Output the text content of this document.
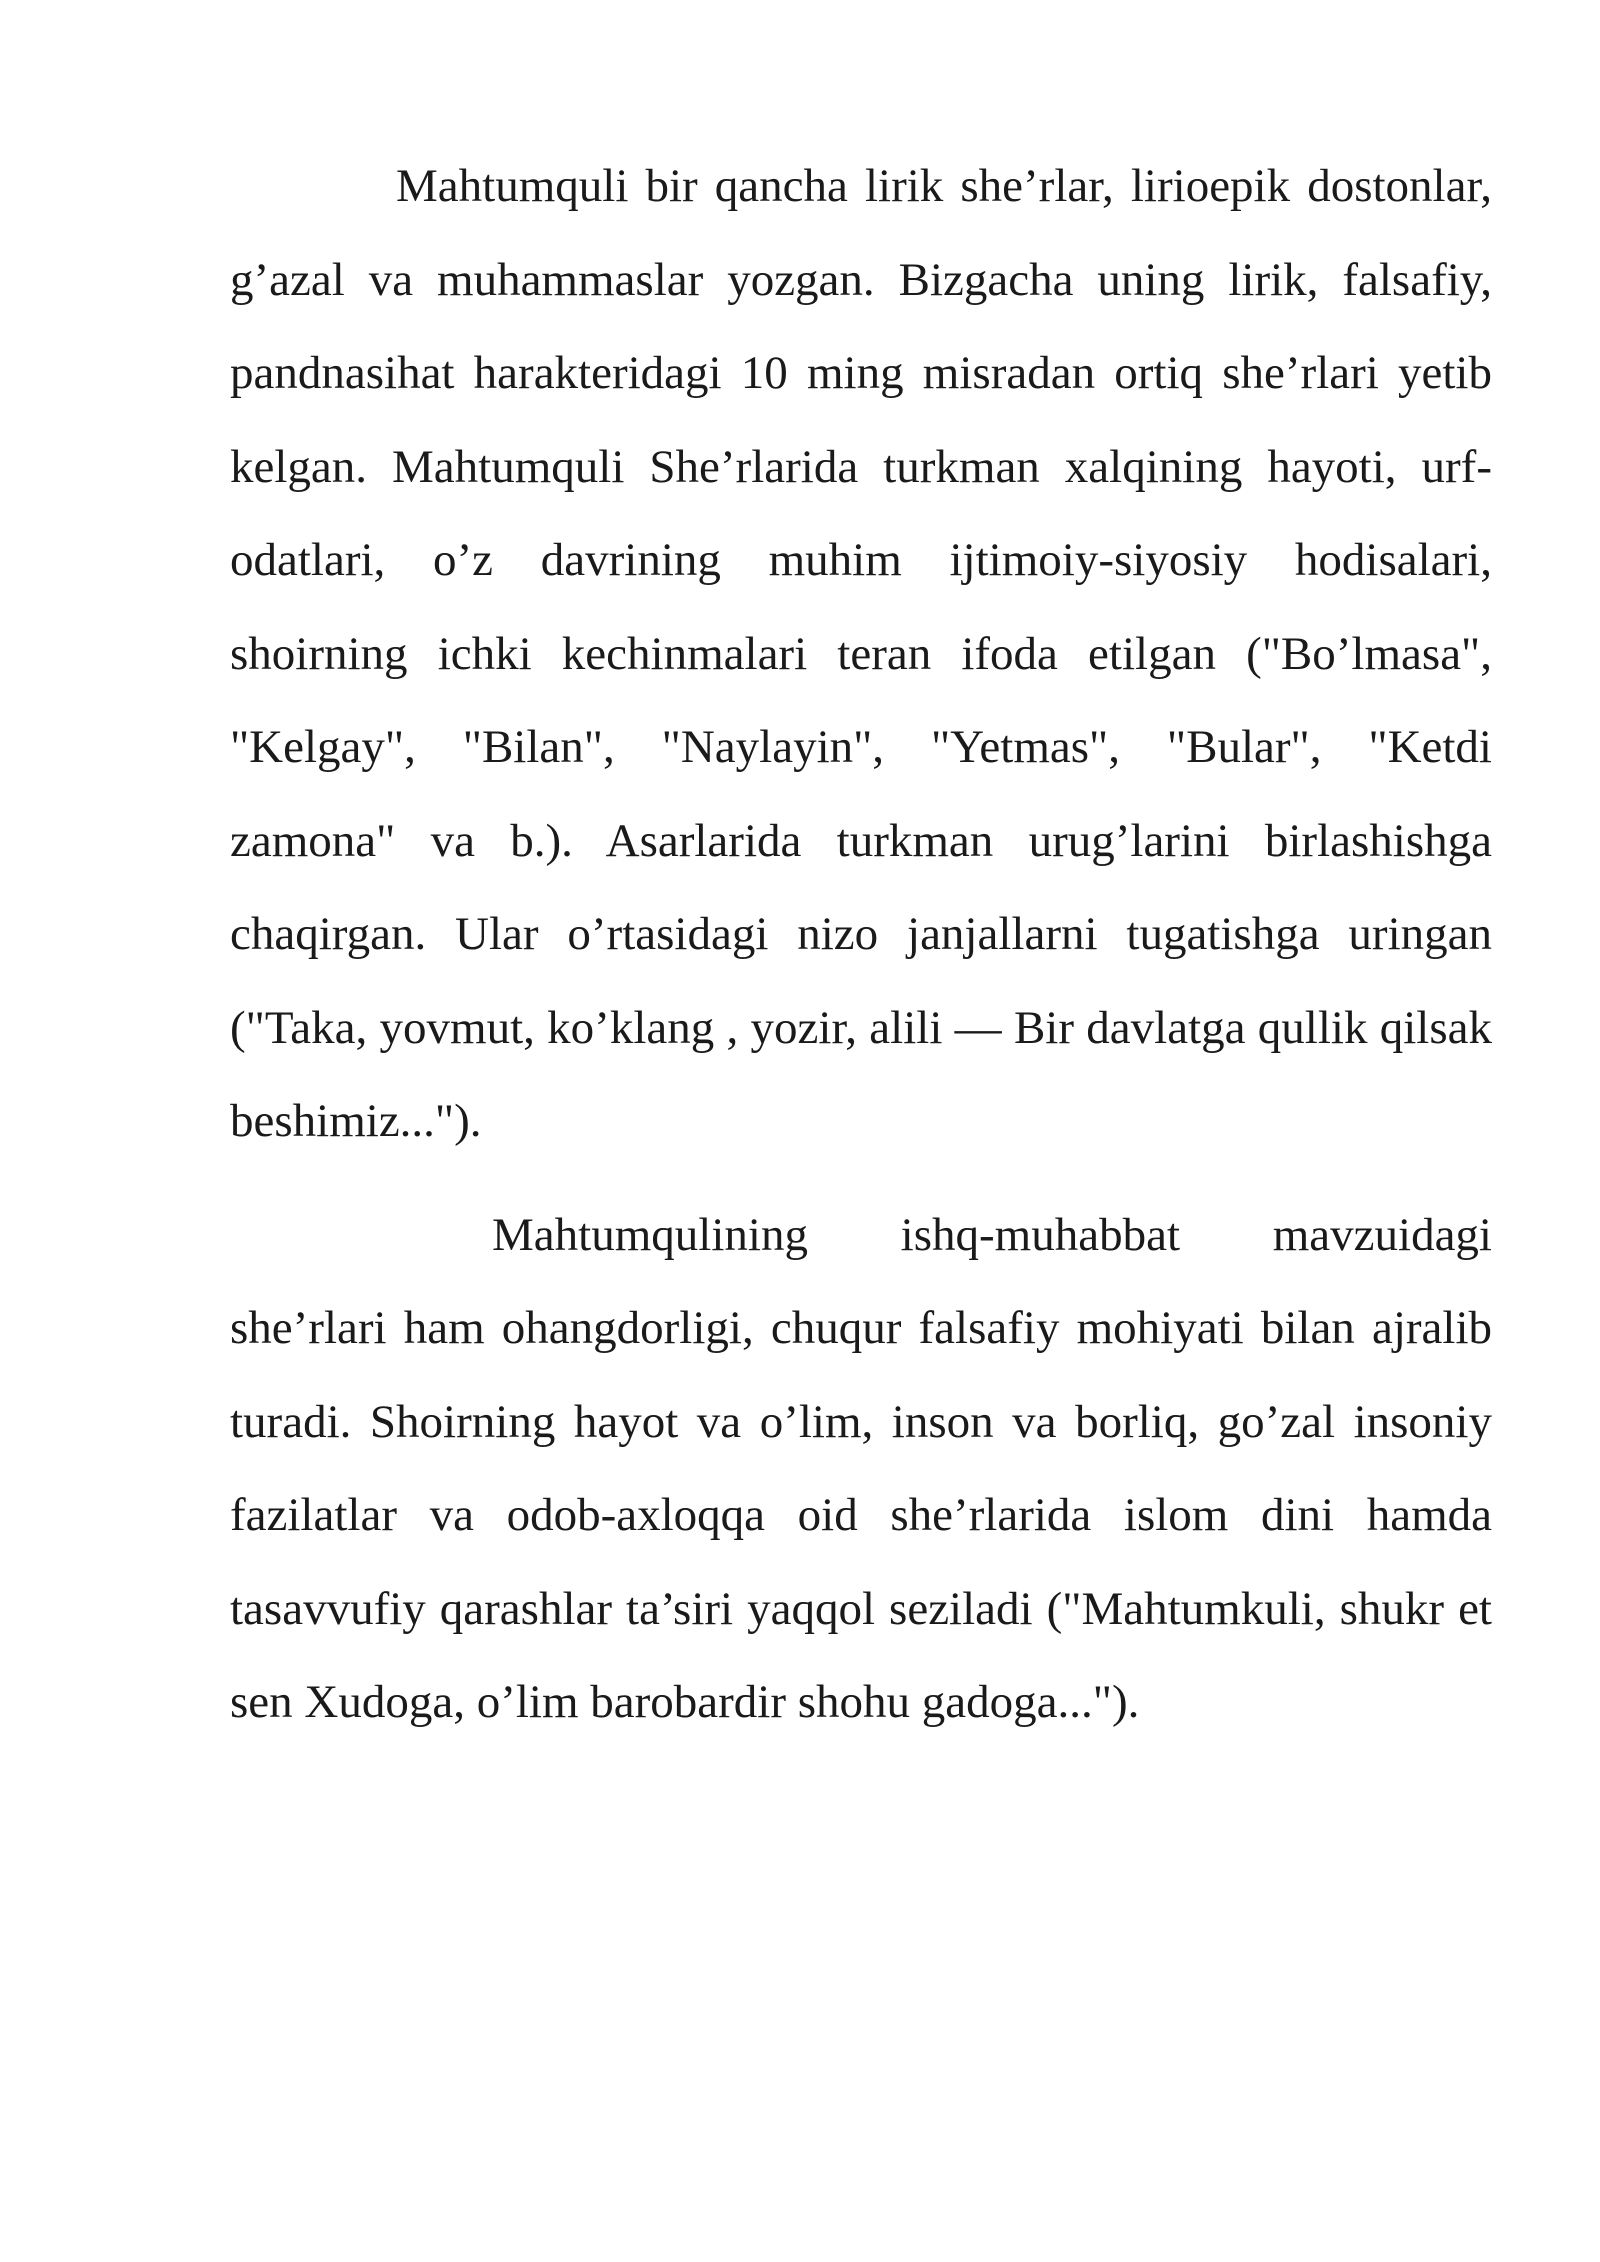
Mahtumquli bir qancha lirik she’rlar, lirioepik dostonlar, g’azal va muhammaslar yozgan. Bizgacha uning lirik, falsafiy, pandnasihat harakteridagi 10 ming misradan ortiq she’rlari yetib kelgan. Mahtumquli She’rlarida turkman xalqining hayoti, urf-odatlari, o’z davrining muhim ijtimoiy-siyosiy hodisalari, shoirning ichki kechinmalari teran ifoda etilgan ("Bo’lmasa", "Kelgay", "Bilan", "Naylayin", "Yetmas", "Bular", "Ketdi zamona" va b.). Asarlarida turkman urug’larini birlashishga chaqirgan. Ular o’rtasidagi nizo janjallarni tugatishga uringan ("Taka, yovmut, ko’klang , yozir, alili — Bir davlatga qullik qilsak beshimiz...").

Mahtumqulining ishq-muhabbat mavzuidagi she’rlari ham ohangdorligi, chuqur falsafiy mohiyati bilan ajralib turadi. Shoirning hayot va o’lim, inson va borliq, go’zal insoniy fazilatlar va odob-axloqqa oid she’rlarida islom dini hamda tasavvufiy qarashlar ta’siri yaqqol seziladi ("Mahtumkuli, shukr et sen Xudoga, o’lim barobardir shohu gadoga...").
